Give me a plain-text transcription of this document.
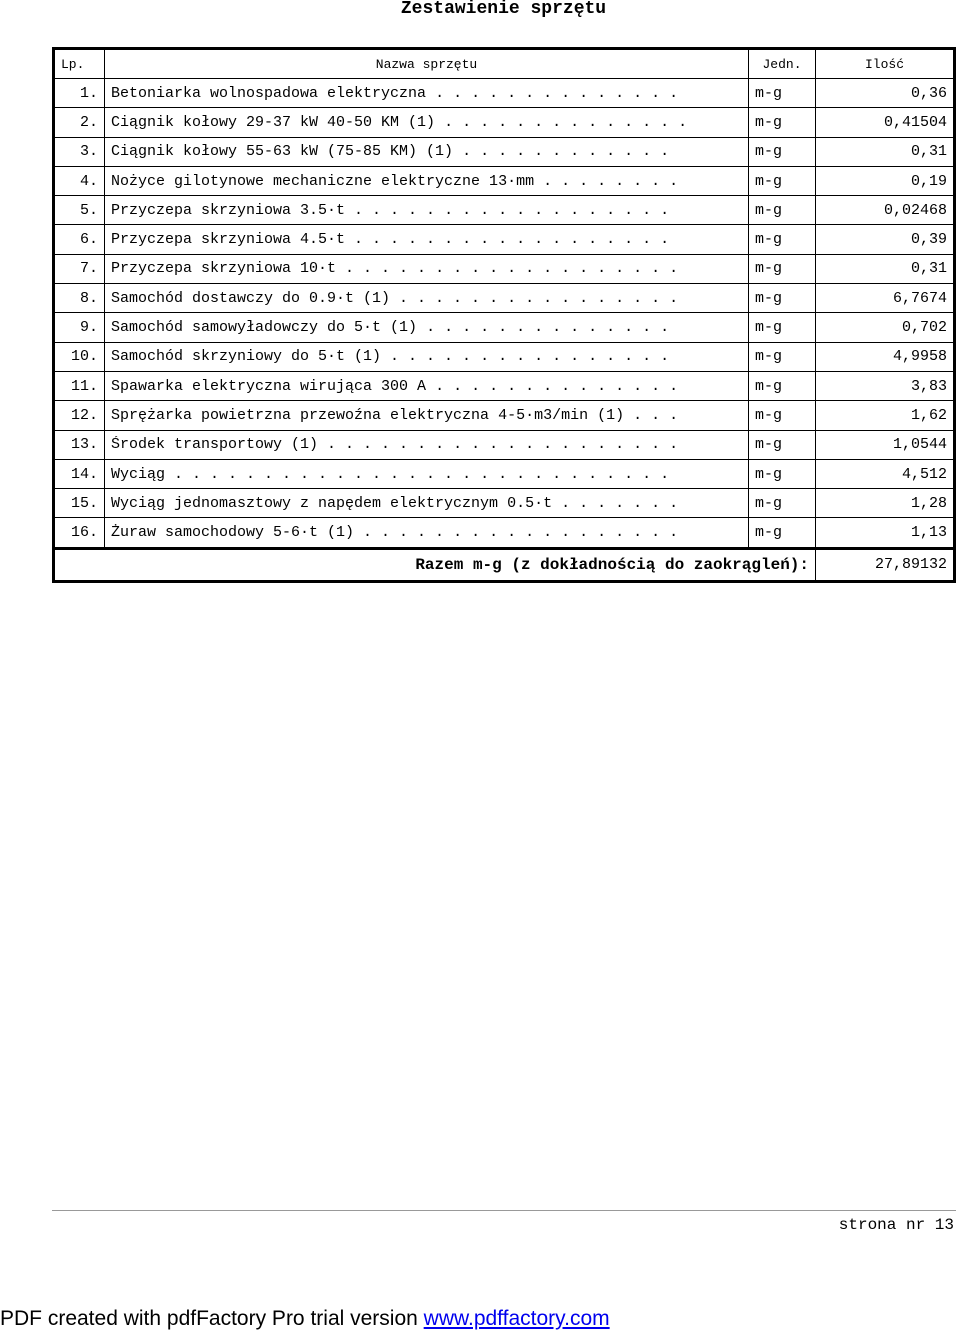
Zestawienie sprzętu
Lp.	Nazwa sprzętu	Jedn.	Ilość
1.	Betoniarka wolnospadowa elektryczna . . . . . . . . . . . . . .	m-g	0,36
2.	Ciągnik kołowy 29-37 kW 40-50 KM (1) . . . . . . . . . . . . . .	m-g	0,41504
3.	Ciągnik kołowy 55-63 kW (75-85 KM) (1) . . . . . . . . . . . .	m-g	0,31
4.	Nożyce gilotynowe mechaniczne elektryczne 13·mm . . . . . . . .	m-g	0,19
5.	Przyczepa skrzyniowa 3.5·t . . . . . . . . . . . . . . . . . .	m-g	0,02468
6.	Przyczepa skrzyniowa 4.5·t . . . . . . . . . . . . . . . . . .	m-g	0,39
7.	Przyczepa skrzyniowa 10·t . . . . . . . . . . . . . . . . . . .	m-g	0,31
8.	Samochód dostawczy do 0.9·t (1) . . . . . . . . . . . . . . . .	m-g	6,7674
9.	Samochód samowyładowczy do 5·t (1) . . . . . . . . . . . . . .	m-g	0,702
10.	Samochód skrzyniowy do 5·t (1) . . . . . . . . . . . . . . . .	m-g	4,9958
11.	Spawarka elektryczna wirująca 300 A . . . . . . . . . . . . . .	m-g	3,83
12.	Sprężarka powietrzna przewoźna elektryczna 4-5·m3/min (1) . . .	m-g	1,62
13.	Środek transportowy (1) . . . . . . . . . . . . . . . . . . . .	m-g	1,0544
14.	Wyciąg . . . . . . . . . . . . . . . . . . . . . . . . . . . .	m-g	4,512
15.	Wyciąg jednomasztowy z napędem elektrycznym 0.5·t . . . . . . .	m-g	1,28
16.	Żuraw samochodowy 5-6·t (1) . . . . . . . . . . . . . . . . . .	m-g	1,13
Razem m-g (z dokładnością do zaokrągleń):			27,89132
strona nr 13
PDF created with pdfFactory Pro trial version www.pdffactory.com
